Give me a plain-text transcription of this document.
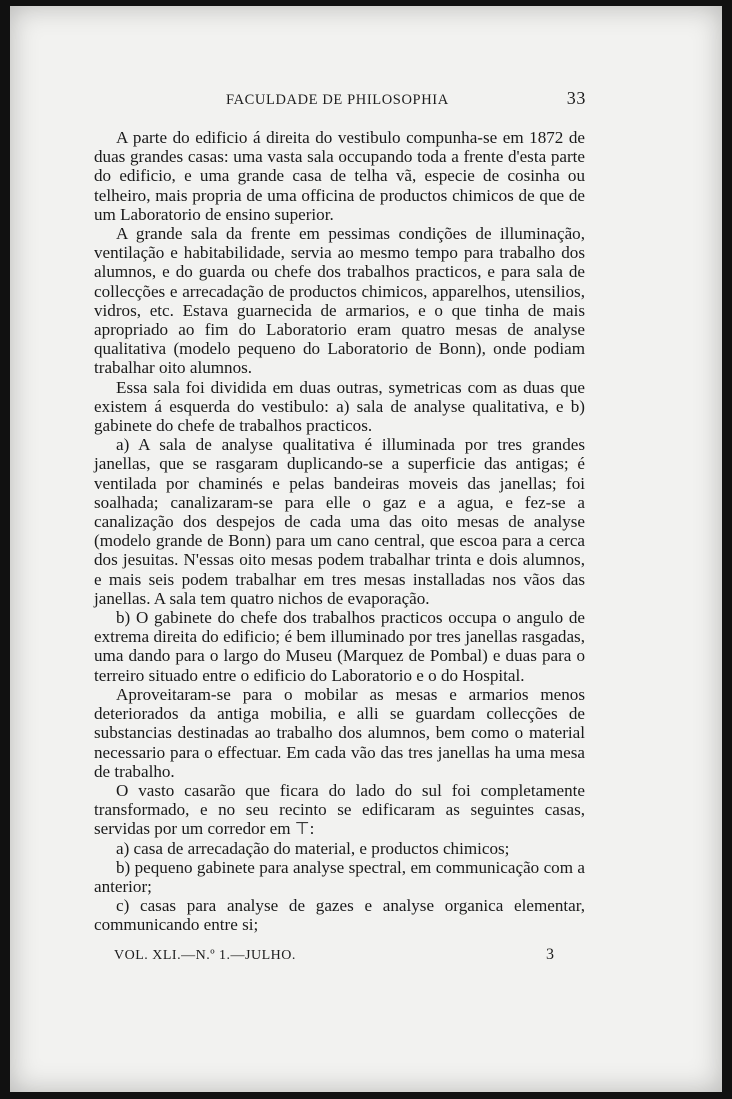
FACULDADE DE PHILOSOPHIA	33

A parte do edificio á direita do vestibulo compunha-se em 1872 de duas grandes casas: uma vasta sala occupando toda a frente d'esta parte do edificio, e uma grande casa de telha vã, especie de cosinha ou telheiro, mais propria de uma officina de productos chimicos de que de um Laboratorio de ensino superior.

A grande sala da frente em pessimas condições de illuminação, ventilação e habitabilidade, servia ao mesmo tempo para trabalho dos alumnos, e do guarda ou chefe dos trabalhos practicos, e para sala de collecções e arrecadação de productos chimicos, apparelhos, utensilios, vidros, etc. Estava guarnecida de armarios, e o que tinha de mais apropriado ao fim do Laboratorio eram quatro mesas de analyse qualitativa (modelo pequeno do Laboratorio de Bonn), onde podiam trabalhar oito alumnos.

Essa sala foi dividida em duas outras, symetricas com as duas que existem á esquerda do vestibulo: a) sala de analyse qualitativa, e b) gabinete do chefe de trabalhos practicos.

a) A sala de analyse qualitativa é illuminada por tres grandes janellas, que se rasgaram duplicando-se a superficie das antigas; é ventilada por chaminés e pelas bandeiras moveis das janellas; foi soalhada; canalizaram-se para elle o gaz e a agua, e fez-se a canalização dos despejos de cada uma das oito mesas de analyse (modelo grande de Bonn) para um cano central, que escoa para a cerca dos jesuitas. N'essas oito mesas podem trabalhar trinta e dois alumnos, e mais seis podem trabalhar em tres mesas installadas nos vãos das janellas. A sala tem quatro nichos de evaporação.

b) O gabinete do chefe dos trabalhos practicos occupa o angulo de extrema direita do edificio; é bem illuminado por tres janellas rasgadas, uma dando para o largo do Museu (Marquez de Pombal) e duas para o terreiro situado entre o edificio do Laboratorio e o do Hospital.

Aproveitaram-se para o mobilar as mesas e armarios menos deteriorados da antiga mobilia, e alli se guardam collecções de substancias destinadas ao trabalho dos alumnos, bem como o material necessario para o effectuar. Em cada vão das tres janellas ha uma mesa de trabalho.

O vasto casarão que ficara do lado do sul foi completamente transformado, e no seu recinto se edificaram as seguintes casas, servidas por um corredor em ⊤:

a) casa de arrecadação do material, e productos chimicos;

b) pequeno gabinete para analyse spectral, em communicação com a anterior;

c) casas para analyse de gazes e analyse organica elementar, communicando entre si;

VOL. XLI.—N.º 1.—JULHO.	3
